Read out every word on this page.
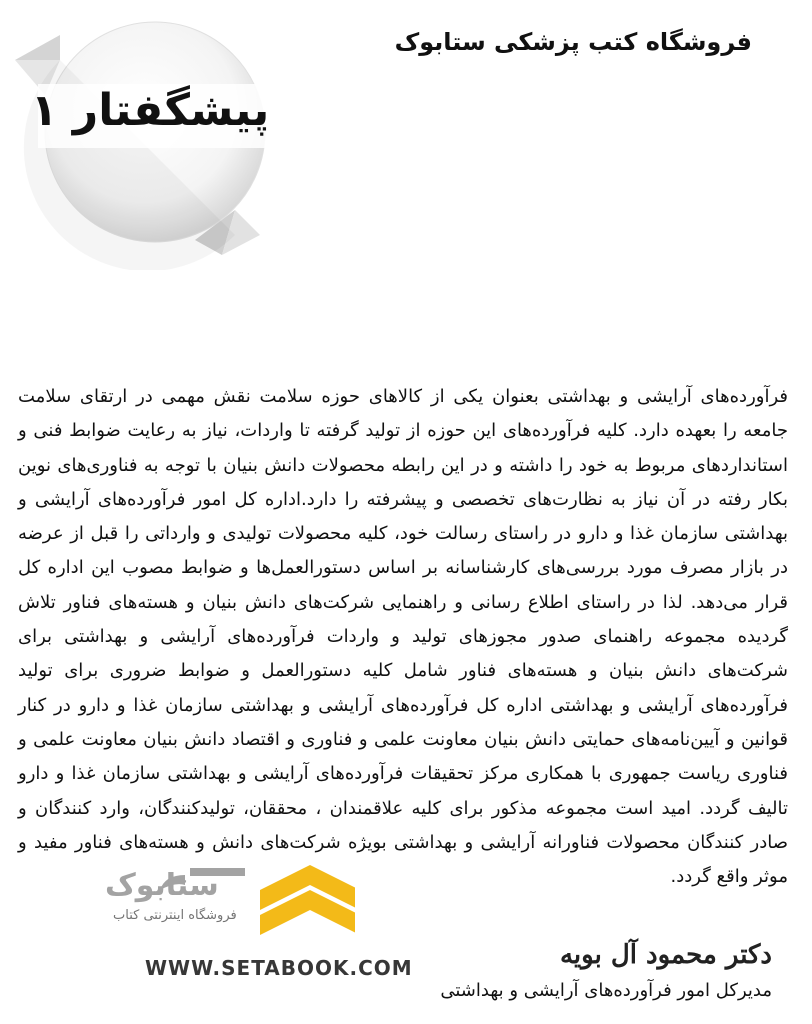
فروشگاه کتب پزشکی ستابوک
پیشگفتار ۱

فرآورده‌های آرایشی و بهداشتی بعنوان یکی از کالاهای حوزه سلامت نقش مهمی در ارتقای سلامت جامعه را بعهده دارد. کلیه فرآورده‌های این حوزه از تولید گرفته تا واردات، نیاز به رعایت ضوابط فنی و استانداردهای مربوط به خود را داشته و در این رابطه محصولات دانش بنیان با توجه به فناوری‌های نوین بکار رفته در آن نیاز به نظارت‌های تخصصی و پیشرفته را دارد.اداره کل امور فرآورده‌های آرایشی و بهداشتی سازمان غذا و دارو در راستای رسالت خود، کلیه محصولات تولیدی و وارداتی را قبل از عرضه در بازار مصرف مورد بررسی‌های کارشناسانه بر اساس دستورالعمل‌ها و ضوابط مصوب این اداره کل قرار می‌دهد. لذا در راستای اطلاع رسانی و راهنمایی شرکت‌های دانش بنیان و هسته‌های فناور تلاش گردیده مجموعه راهنمای صدور مجوزهای تولید و واردات فرآورده‌های آرایشی و بهداشتی برای شرکت‌های دانش بنیان و هسته‌های فناور شامل کلیه دستورالعمل و ضوابط ضروری برای تولید فرآورده‌های آرایشی و بهداشتی اداره کل فرآورده‌های آرایشی و بهداشتی سازمان غذا و دارو در کنار قوانین و آیین‌نامه‌های حمایتی دانش بنیان معاونت علمی و فناوری و اقتصاد دانش بنیان معاونت علمی و فناوری ریاست جمهوری با همکاری مرکز تحقیقات فرآورده‌های آرایشی و بهداشتی سازمان غذا و دارو تالیف گردد. امید است مجموعه مذکور برای کلیه علاقمندان ، محققان، تولیدکنندگان، وارد کنندگان و صادر کنندگان محصولات فناورانه آرایشی و بهداشتی بویژه شرکت‌های دانش و هسته‌های فناور مفید و موثر واقع گردد.

ستابوک
فروشگاه اینترنتی کتاب
WWW.SETABOOK.COM	دکتر محمود آل بویه
مدیرکل امور فرآورده‌های آرایشی و بهداشتی
